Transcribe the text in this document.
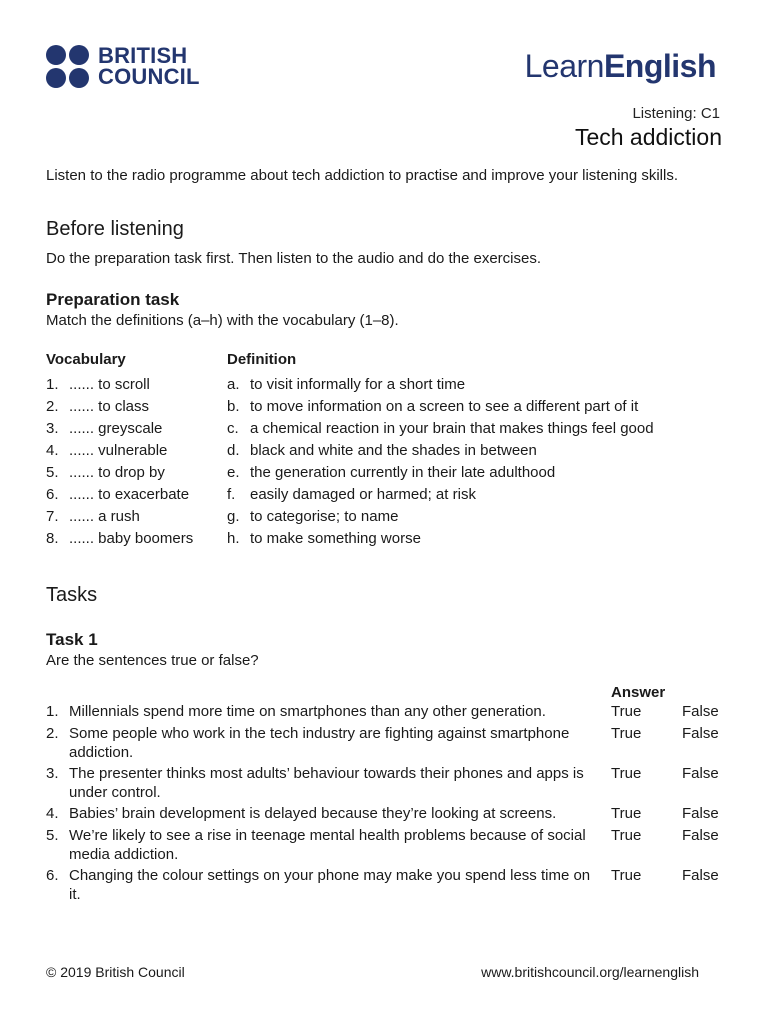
BRITISH
COUNCIL	LearnEnglish
Listening: C1
Tech addiction
Listen to the radio programme about tech addiction to practise and improve your listening skills.
Before listening
Do the preparation task first. Then listen to the audio and do the exercises.
Preparation task
Match the definitions (a–h) with the vocabulary (1–8).
Vocabulary	Definition
1. ...... to scroll	a. to visit informally for a short time
2. ...... to class	b. to move information on a screen to see a different part of it
3. ...... greyscale	c. a chemical reaction in your brain that makes things feel good
4. ...... vulnerable	d. black and white and the shades in between
5. ...... to drop by	e. the generation currently in their late adulthood
6. ...... to exacerbate	f. easily damaged or harmed; at risk
7. ...... a rush	g. to categorise; to name
8. ...... baby boomers h. to make something worse
Tasks
Task 1
Are the sentences true or false?
Answer
1. Millennials spend more time on smartphones than any other generation.	True	False
2. Some people who work in the tech industry are fighting against smartphone addiction.
True	False
3. The presenter thinks most adults’ behaviour towards their phones and apps is under control.
True	False
4. Babies’ brain development is delayed because they’re looking at screens.	True	False
5. We’re likely to see a rise in teenage mental health problems because of social media addiction.
True	False
6. Changing the colour settings on your phone may make you spend less time on it.
True	False
© 2019 British Council	www.britishcouncil.org/learnenglish
